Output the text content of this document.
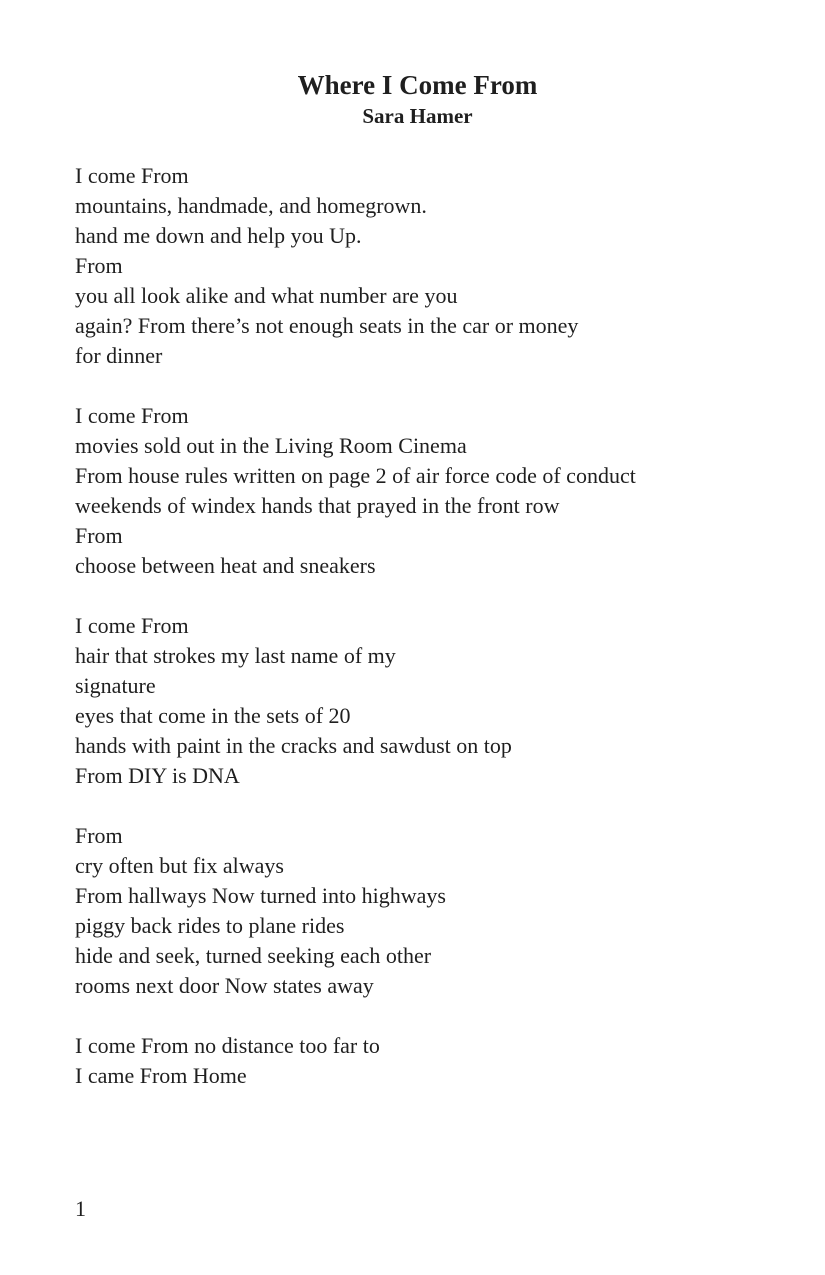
Where I Come From
Sara Hamer
I come From
mountains, handmade, and homegrown.
hand me down and help you Up.
From
you all look alike and what number are you
again? From there’s not enough seats in the car or money
for dinner
I come From
movies sold out in the Living Room Cinema
From house rules written on page 2 of air force code of conduct
weekends of windex hands that prayed in the front row
From
choose between heat and sneakers
I come From
hair that strokes my last name of my
signature
eyes that come in the sets of 20
hands with paint in the cracks and sawdust on top
From DIY is DNA
From
cry often but fix always
From hallways Now turned into highways
piggy back rides to plane rides
hide and seek, turned seeking each other
rooms next door Now states away
I come From no distance too far to
I came From Home
1
